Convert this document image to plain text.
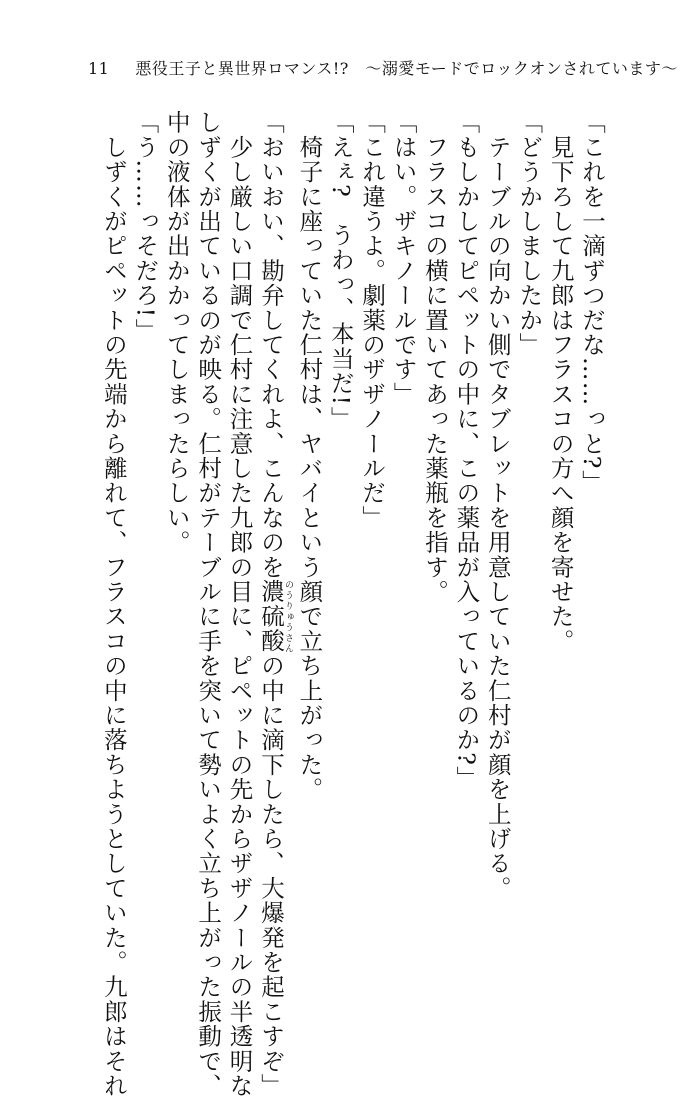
11 悪役王子と異世界ロマンス!?　〜溺愛モードでロックオンされています〜

「これを一滴ずつだな……っと?」

　見下ろして九郎はフラスコの方へ顔を寄せた。

「どうかしましたか」

　テーブルの向かい側でタブレットを用意していた仁村が顔を上げる。

「もしかしてピペットの中に、この薬品が入っているのか?」

　フラスコの横に置いてあった薬瓶を指す。

「はい。ザキノールです」

「これ違うよ。劇薬のザザノールだ」

「えぇ?　うわっ、本当だ!」

　椅子に座っていた仁村は、ヤバイという顔で立ち上がった。

「おいおい、勘弁してくれよ、こんなのを濃硫酸のうりゅうさんの中に滴下したら、大爆発を起こすぞ」

　少し厳しい口調で仁村に注意した九郎の目に、ピペットの先からザザノールの半透明な

しずくが出ているのが映る。仁村がテーブルに手を突いて勢いよく立ち上がった振動で、

中の液体が出かかってしまったらしい。

「う……っそだろ!」

　しずくがピペットの先端から離れて、フラスコの中に落ちようとしていた。九郎はそれ
